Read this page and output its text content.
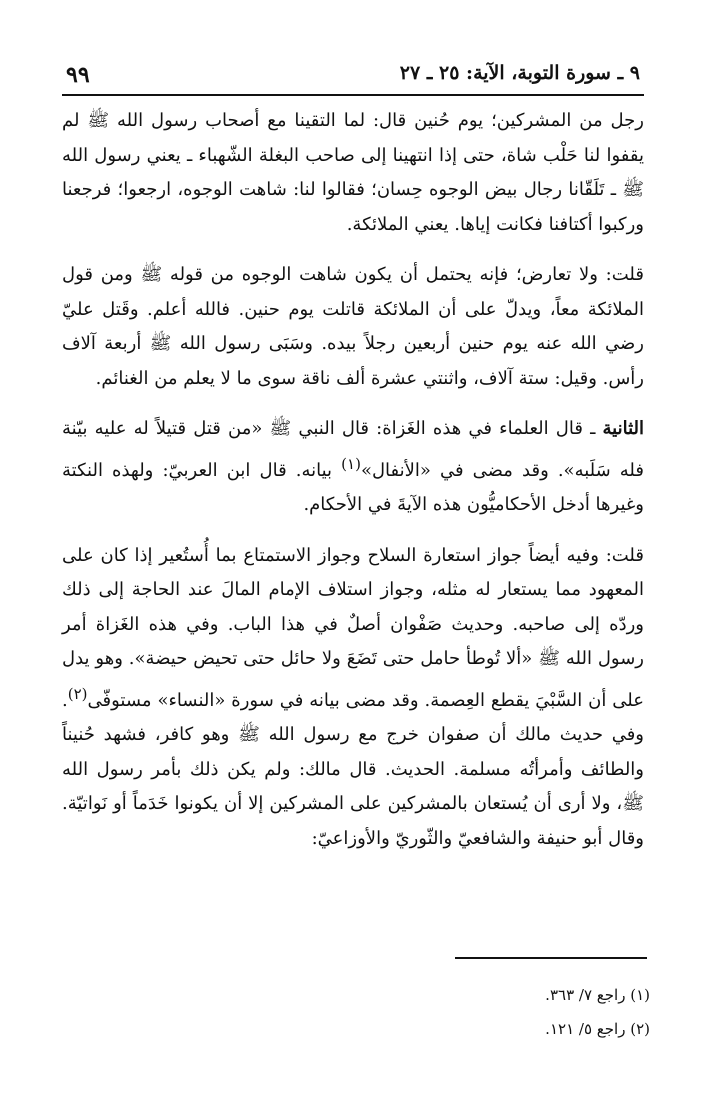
٩٩	٩ ـ سورة التوبة، الآية: ٢٥ ـ ٢٧

رجل من المشركين؛ يوم حُنين قال: لما التقينا مع أصحاب رسول الله ﷺ لم يقفوا لنا حَلْب شاة، حتى إذا انتهينا إلى صاحب البغلة الشّهباء ـ يعني رسول الله ﷺ ـ تَلَقّانا رجال بيض الوجوه حِسان؛ فقالوا لنا: شاهت الوجوه، ارجعوا؛ فرجعنا وركبوا أكتافنا فكانت إياها. يعني الملائكة.

قلت: ولا تعارض؛ فإنه يحتمل أن يكون شاهت الوجوه من قوله ﷺ ومن قول الملائكة معاً، ويدلّ على أن الملائكة قاتلت يوم حنين. فالله أعلم. وقَتل عليّ رضي الله عنه يوم حنين أربعين رجلاً بيده. وسَبَى رسول الله ﷺ أربعة آلاف رأس. وقيل: ستة آلاف، واثنتي عشرة ألف ناقة سوى ما لا يعلم من الغنائم.

الثانية ـ قال العلماء في هذه الغَزاة: قال النبي ﷺ «من قتل قتيلاً له عليه بيّنة فله سَلَبه». وقد مضى في «الأنفال»$^{(١)}$ بيانه. قال ابن العربيّ: ولهذه النكتة وغيرها أدخل الأحكاميُّون هذه الآيةَ في الأحكام.

قلت: وفيه أيضاً جواز استعارة السلاح وجواز الاستمتاع بما أُستُعير إذا كان على المعهود مما يستعار له مثله، وجواز استلاف الإمام المالَ عند الحاجة إلى ذلك وردّه إلى صاحبه. وحديث صَفْوان أصلٌ في هذا الباب. وفي هذه الغَزاة أمر رسول الله ﷺ «ألا تُوطأ حامل حتى تَضَعَ ولا حائل حتى تحيض حيضة». وهو يدل على أن السَّبْيَ يقطع العِصمة. وقد مضى بيانه في سورة «النساء» مستوفّى$^{(٢)}$. وفي حديث مالك أن صفوان خرج مع رسول الله ﷺ وهو كافر، فشهد حُنيناً والطائف وأمرأتُه مسلمة. الحديث. قال مالك: ولم يكن ذلك بأمر رسول الله ﷺ، ولا أرى أن يُستعان بالمشركين على المشركين إلا أن يكونوا خَدَماً أو نَواتيّة. وقال أبو حنيفة والشافعيّ والثّوريّ والأوزاعيّ:

(١) راجع ٧/ ٣٦٣.

(٢) راجع ٥/ ١٢١.
